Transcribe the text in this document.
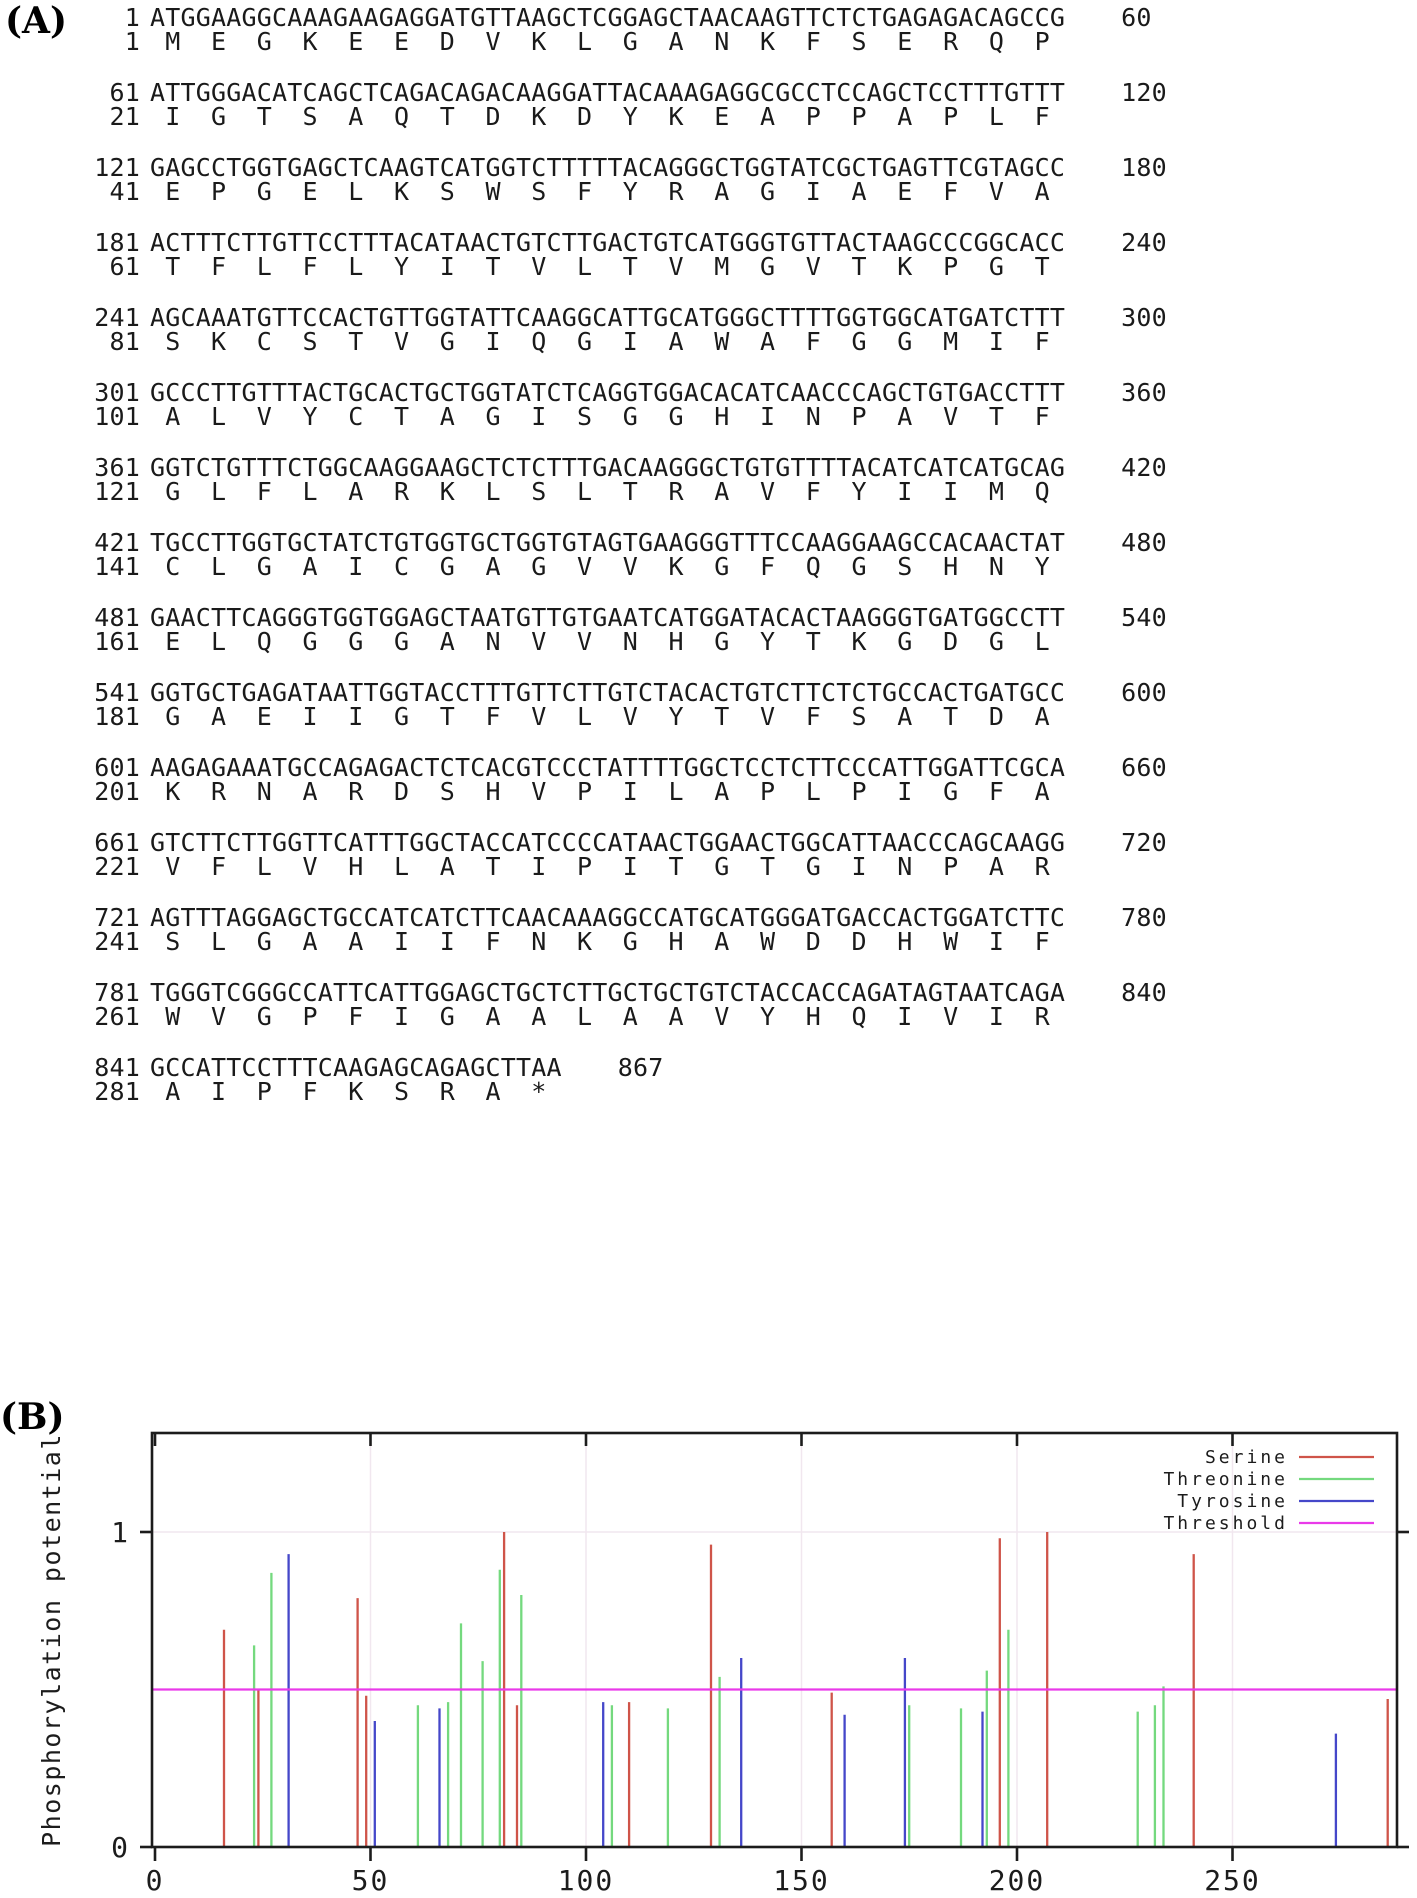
(A)	1 ATGGAAGGCAAAGAAGAGGATGTTAAGCTCGGAGCTAACAAGTTCTCTGAGAGACAGCCG 60
1 M  E  G  K  E  E  D  V  K  L  G  A  N  K  F  S  E  R  Q  P
61 ATTGGGACATCAGCTCAGACAGACAAGGATTACAAAGAGGCGCCTCCAGCTCCTTTGTTT 120
21 I  G  T  S  A  Q  T  D  K  D  Y  K  E  A  P  P  A  P  L  F
121 GAGCCTGGTGAGCTCAAGTCATGGTCTTTTTACAGGGCTGGTATCGCTGAGTTCGTAGCC 180
41 E  P  G  E  L  K  S  W  S  F  Y  R  A  G  I  A  E  F  V  A
181 ACTTTCTTGTTCCTTTACATAACTGTCTTGACTGTCATGGGTGTTACTAAGCCCGGCACC 240
61 T  F  L  F  L  Y  I  T  V  L  T  V  M  G  V  T  K  P  G  T
241 AGCAAATGTTCCACTGTTGGTATTCAAGGCATTGCATGGGCTTTTGGTGGCATGATCTTT 300
81 S  K  C  S  T  V  G  I  Q  G  I  A  W  A  F  G  G  M  I  F
301 GCCCTTGTTTACTGCACTGCTGGTATCTCAGGTGGACACATCAACCCAGCTGTGACCTTT 360
101 A  L  V  Y  C  T  A  G  I  S  G  G  H  I  N  P  A  V  T  F
361 GGTCTGTTTCTGGCAAGGAAGCTCTCTTTGACAAGGGCTGTGTTTTACATCATCATGCAG 420
121 G  L  F  L  A  R  K  L  S  L  T  R  A  V  F  Y  I  I  M  Q
421 TGCCTTGGTGCTATCTGTGGTGCTGGTGTAGTGAAGGGTTTCCAAGGAAGCCACAACTAT 480
141 C  L  G  A  I  C  G  A  G  V  V  K  G  F  Q  G  S  H  N  Y
481 GAACTTCAGGGTGGTGGAGCTAATGTTGTGAATCATGGATACACTAAGGGTGATGGCCTT 540
161 E  L  Q  G  G  G  A  N  V  V  N  H  G  Y  T  K  G  D  G  L
541 GGTGCTGAGATAATTGGTACCTTTGTTCTTGTCTACACTGTCTTCTCTGCCACTGATGCC 600
181 G  A  E  I  I  G  T  F  V  L  V  Y  T  V  F  S  A  T  D  A
601 AAGAGAAATGCCAGAGACTCTCACGTCCCTATTTTGGCTCCTCTTCCCATTGGATTCGCA 660
201 K  R  N  A  R  D  S  H  V  P  I  L  A  P  L  P  I  G  F  A
661 GTCTTCTTGGTTCATTTGGCTACCATCCCCATAACTGGAACTGGCATTAACCCAGCAAGG 720
221 V  F  L  V  H  L  A  T  I  P  I  T  G  T  G  I  N  P  A  R
721 AGTTTAGGAGCTGCCATCATCTTCAACAAAGGCCATGCATGGGATGACCACTGGATCTTC 780
241 S  L  G  A  A  I  I  F  N  K  G  H  A  W  D  D  H  W  I  F
781 TGGGTCGGGCCATTCATTGGAGCTGCTCTTGCTGCTGTCTACCACCAGATAGTAATCAGA 840
261 W  V  G  P  F  I  G  A  A  L  A  A  V  Y  H  Q  I  V  I  R
841 GCCATTCCTTTCAAGAGCAGAGCTTAA 867
281 A  I  P  F  K  S  R  A  *
(B)
0	50	100	150	200	250
0
1
Phosphorylation potential	Serine
Threonine
Tyrosine
Threshold
